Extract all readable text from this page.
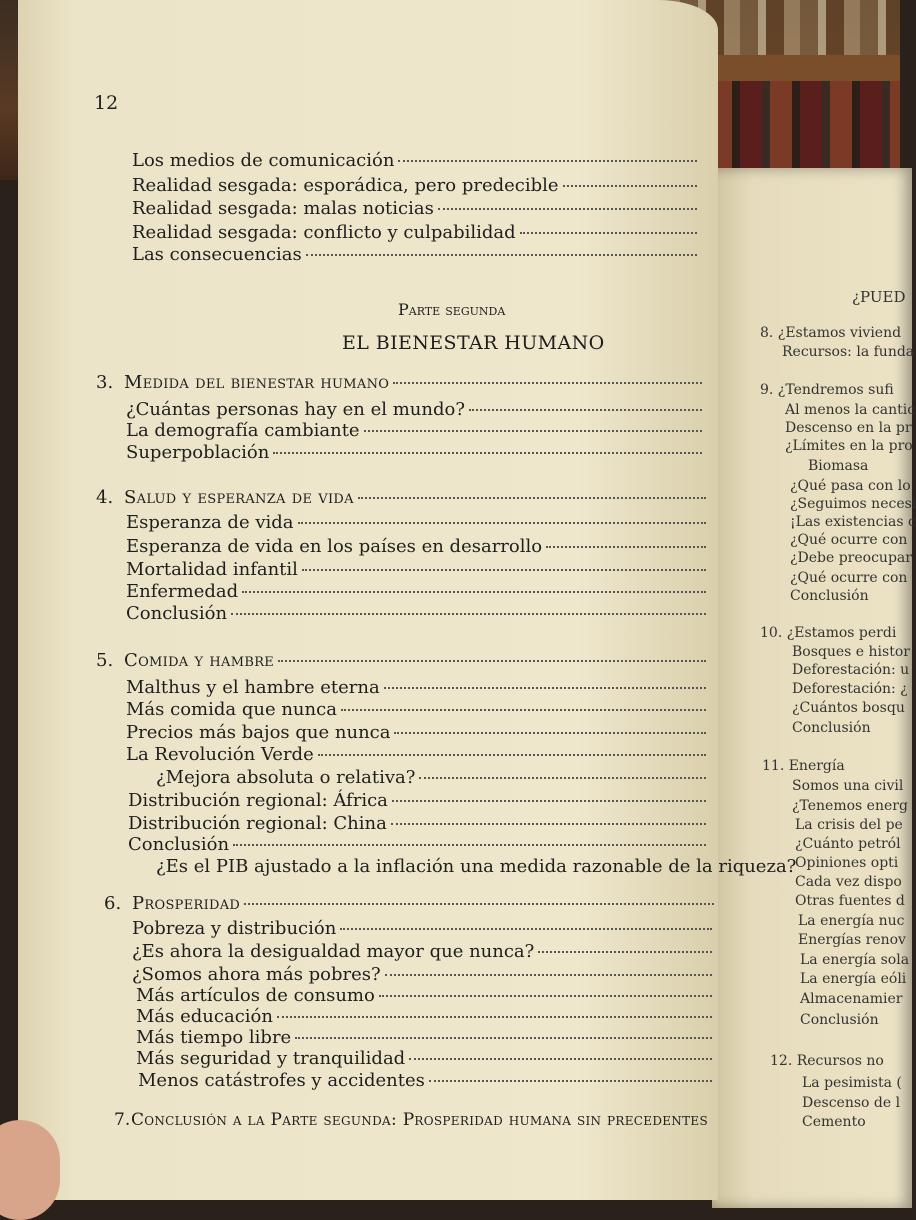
12
Los medios de comunicación
Realidad sesgada: esporádica, pero predecible
Realidad sesgada: malas noticias
Realidad sesgada: conflicto y culpabilidad
Las consecuencias
Parte segunda
EL BIENESTAR HUMANO
3. Medida del bienestar humano
¿Cuántas personas hay en el mundo?
La demografía cambiante
Superpoblación
4. Salud y esperanza de vida
Esperanza de vida
Esperanza de vida en los países en desarrollo
Mortalidad infantil
Enfermedad
Conclusión
5. Comida y hambre
Malthus y el hambre eterna
Más comida que nunca
Precios más bajos que nunca
La Revolución Verde
¿Mejora absoluta o relativa?
Distribución regional: África
Distribución regional: China
Conclusión
¿Es el PIB ajustado a la inflación una medida razonable de la riqueza?
6. Prosperidad
Pobreza y distribución
¿Es ahora la desigualdad mayor que nunca?
¿Somos ahora más pobres?
Más artículos de consumo
Más educación
Más tiempo libre
Más seguridad y tranquilidad
Menos catástrofes y accidentes
7. Conclusión a la Parte segunda: Prosperidad humana sin precedentes
¿PUED
8. ¿Estamos viviend
Recursos: la funda
9. ¿Tendremos sufi
Al menos la cantic
Descenso en la pr
¿Límites en la pro
Biomasa
¿Qué pasa con lo
¿Seguimos necesi
¡Las existencias c
¿Qué ocurre con
¿Debe preocupar
¿Qué ocurre con
Conclusión
10. ¿Estamos perdi
Bosques e histor
Deforestación: u
Deforestación: ¿
¿Cuántos bosqu
Conclusión
11. Energía
Somos una civil
¿Tenemos energ
La crisis del pe
¿Cuánto petról
Opiniones opti
Cada vez dispo
Otras fuentes d
La energía nuc
Energías renov
La energía sola
La energía eóli
Almacenamier
Conclusión
12. Recursos no
La pesimista (
Descenso de l
Cemento
